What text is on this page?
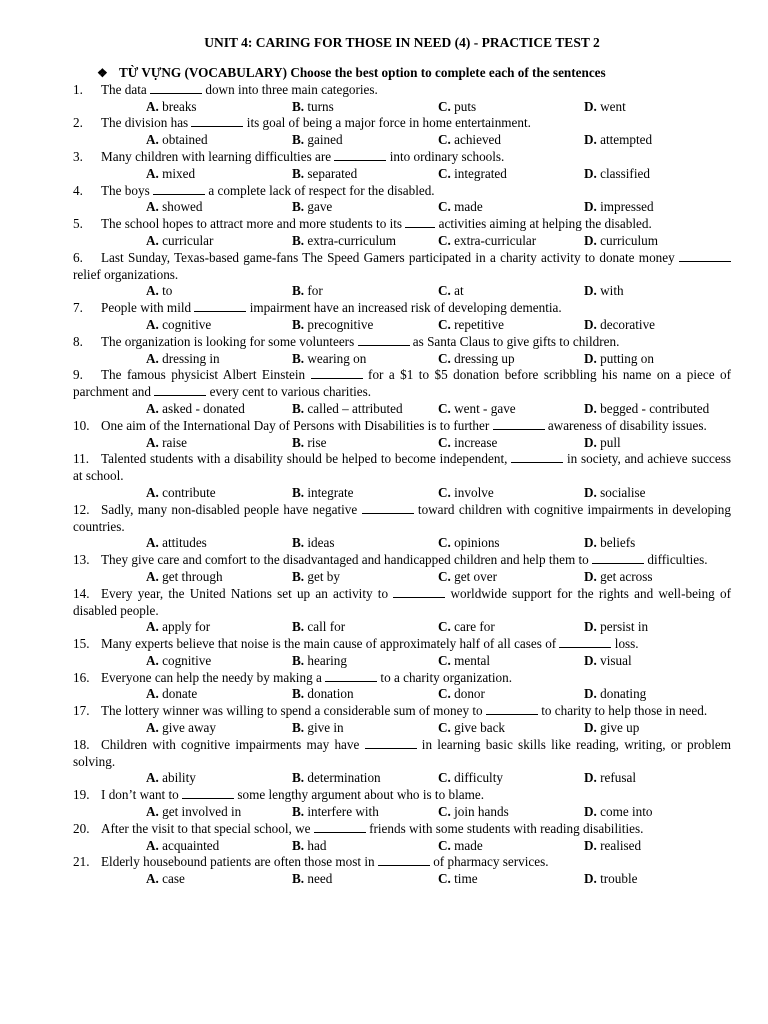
UNIT 4: CARING FOR THOSE IN NEED (4) - PRACTICE TEST 2
❖ TỪ VỰNG (VOCABULARY) Choose the best option to complete each of the sentences
1. The data	down into three main categories.
A. breaks	B. turns	C. puts	D. went
2. The division has	its goal of being a major force in home entertainment.
A. obtained	B. gained	C. achieved	D. attempted
3. Many children with learning difficulties are	into ordinary schools.
A. mixed	B. separated	C. integrated	D. classified
4. The boys	a complete lack of respect for the disabled.
A. showed	B. gave	C. made	D. impressed
5. The school hopes to attract more and more students to its  activities aiming at helping the disabled.
A. curricular	B. extra-curriculum	C. extra-curricular	D. curriculum
6. Last Sunday, Texas-based game-fans The Speed Gamers participated in a charity activity to donate money  relief organizations.
A. to	B. for	C. at	D. with
7. People with mild	impairment have an increased risk of developing dementia.
A. cognitive	B. precognitive	C. repetitive	D. decorative
8. The organization is looking for some volunteers	as Santa Claus to give gifts to children.
A. dressing in	B. wearing on	C. dressing up	D. putting on
9. The famous physicist Albert Einstein	for a $1 to $5 donation before scribbling his name on a piece of parchment and	every cent to various charities.
A. asked - donated	B. called – attributed	C. went - gave	D. begged - contributed
10. One aim of the International Day of Persons with Disabilities is to further	awareness of disability issues.
A. raise	B. rise	C. increase	D. pull
11. Talented students with a disability should be helped to become independent,	in society, and achieve success at school.
A. contribute	B. integrate	C. involve	D. socialise
12. Sadly, many non-disabled people have negative	toward children with cognitive impairments in developing countries.
A. attitudes	B. ideas	C. opinions	D. beliefs
13. They give care and comfort to the disadvantaged and handicapped children and help them to	difficulties.
A. get through	B. get by	C. get over	D. get across
14. Every year, the United Nations set up an activity to	worldwide support for the rights and well-being of disabled people.
A. apply for	B. call for	C. care for	D. persist in
15. Many experts believe that noise is the main cause of approximately half of all cases of	loss.
A. cognitive	B. hearing	C. mental	D. visual
16. Everyone can help the needy by making a	to a charity organization.
A. donate	B. donation	C. donor	D. donating
17. The lottery winner was willing to spend a considerable sum of money to	to charity to help those in need.
A. give away	B. give in	C. give back	D. give up
18. Children with cognitive impairments may have	in learning basic skills like reading, writing, or problem solving.
A. ability	B. determination	C. difficulty	D. refusal
19. I don’t want to	some lengthy argument about who is to blame.
A. get involved in	B. interfere with	C. join hands	D. come into
20. After the visit to that special school, we	friends with some students with reading disabilities.
A. acquainted	B. had	C. made	D. realised
21. Elderly housebound patients are often those most in	of pharmacy services.
A. case	B. need	C. time	D. trouble
